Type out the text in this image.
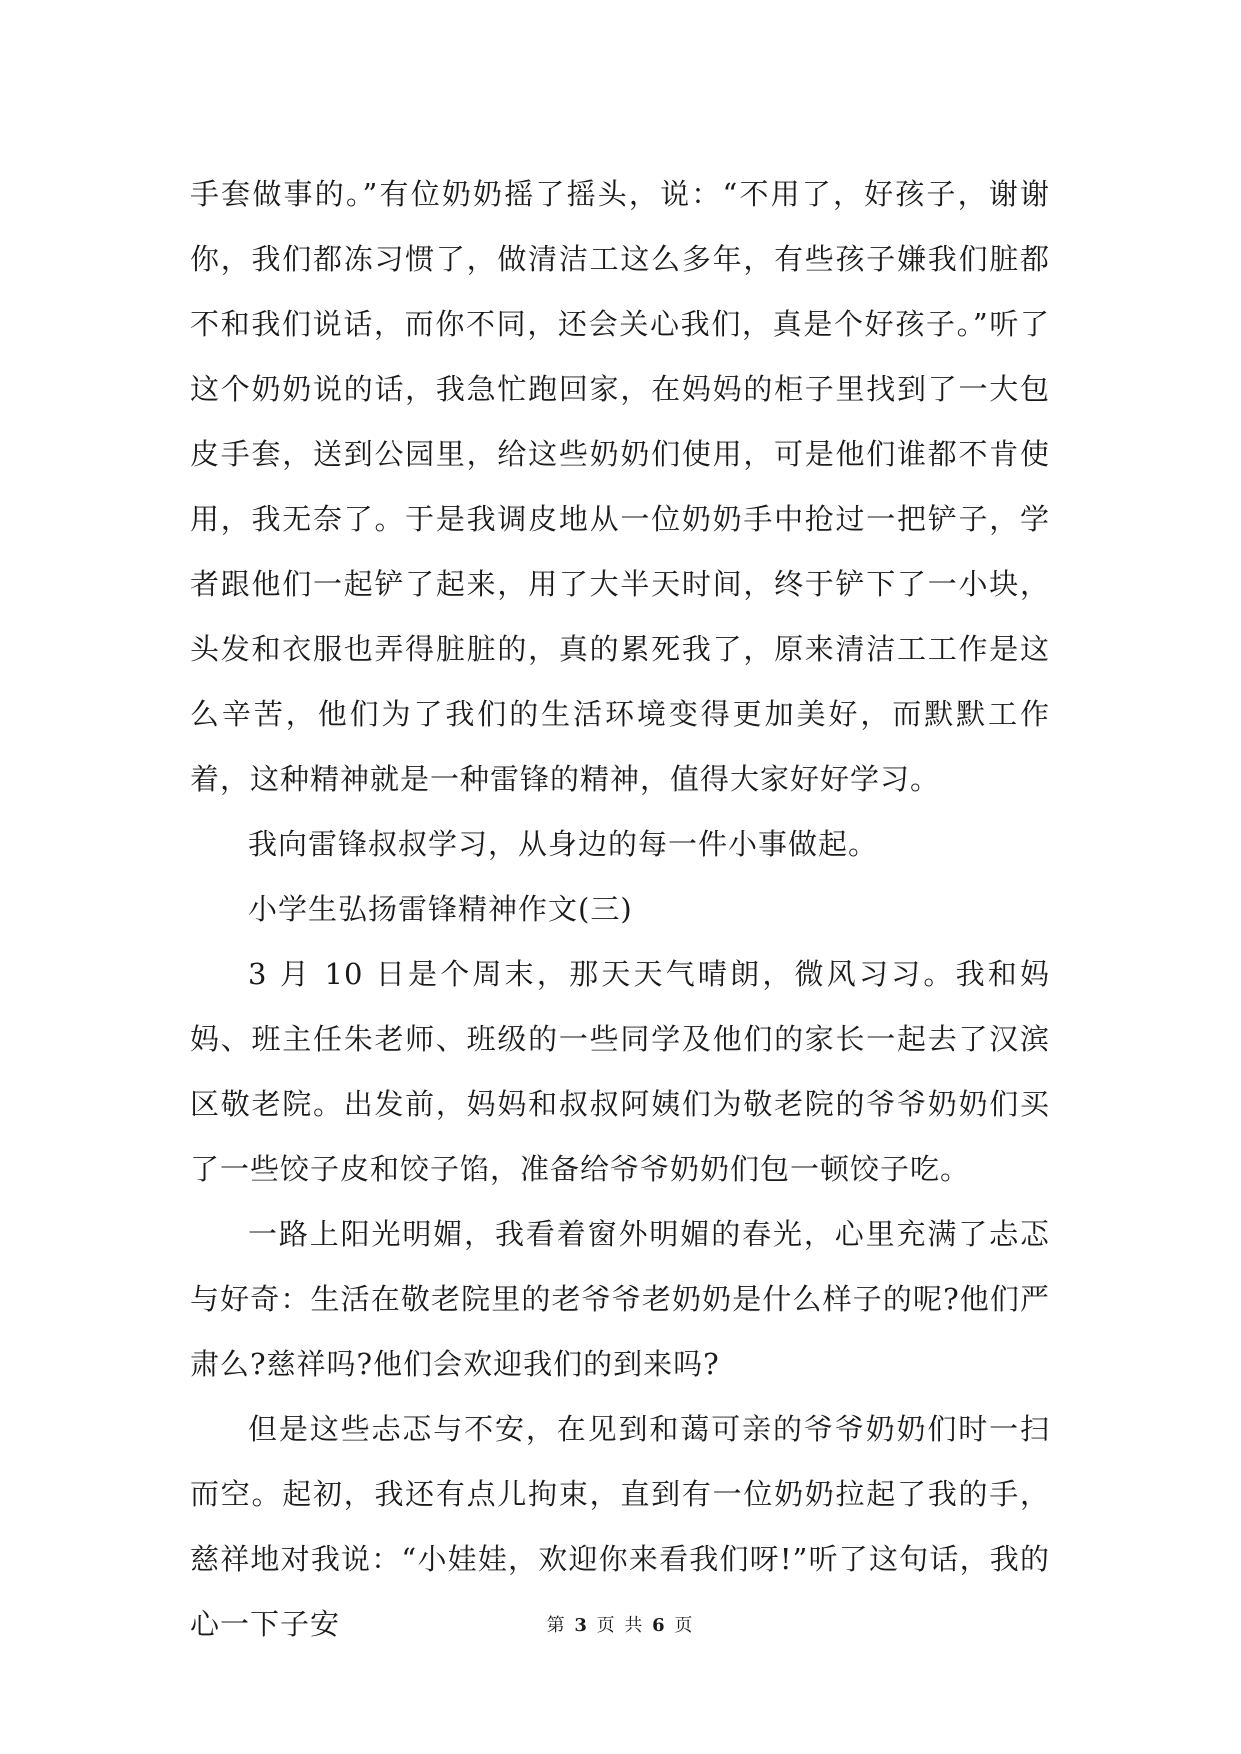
手套做事的。”有位奶奶摇了摇头，说：“不用了，好孩子，谢谢你，我们都冻习惯了，做清洁工这么多年，有些孩子嫌我们脏都不和我们说话，而你不同，还会关心我们，真是个好孩子。”听了这个奶奶说的话，我急忙跑回家，在妈妈的柜子里找到了一大包皮手套，送到公园里，给这些奶奶们使用，可是他们谁都不肯使用，我无奈了。于是我调皮地从一位奶奶手中抢过一把铲子，学者跟他们一起铲了起来，用了大半天时间，终于铲下了一小块，头发和衣服也弄得脏脏的，真的累死我了，原来清洁工工作是这么辛苦，他们为了我们的生活环境变得更加美好，而默默工作着，这种精神就是一种雷锋的精神，值得大家好好学习。

我向雷锋叔叔学习，从身边的每一件小事做起。

小学生弘扬雷锋精神作文(三)

3 月 10 日是个周末，那天天气晴朗，微风习习。我和妈妈、班主任朱老师、班级的一些同学及他们的家长一起去了汉滨区敬老院。出发前，妈妈和叔叔阿姨们为敬老院的爷爷奶奶们买了一些饺子皮和饺子馅，准备给爷爷奶奶们包一顿饺子吃。

一路上阳光明媚，我看着窗外明媚的春光，心里充满了忐忑与好奇：生活在敬老院里的老爷爷老奶奶是什么样子的呢?他们严肃么?慈祥吗?他们会欢迎我们的到来吗?

但是这些忐忑与不安，在见到和蔼可亲的爷爷奶奶们时一扫而空。起初，我还有点儿拘束，直到有一位奶奶拉起了我的手，慈祥地对我说：“小娃娃，欢迎你来看我们呀!”听了这句话，我的心一下子安	第 3 页 共 6 页
